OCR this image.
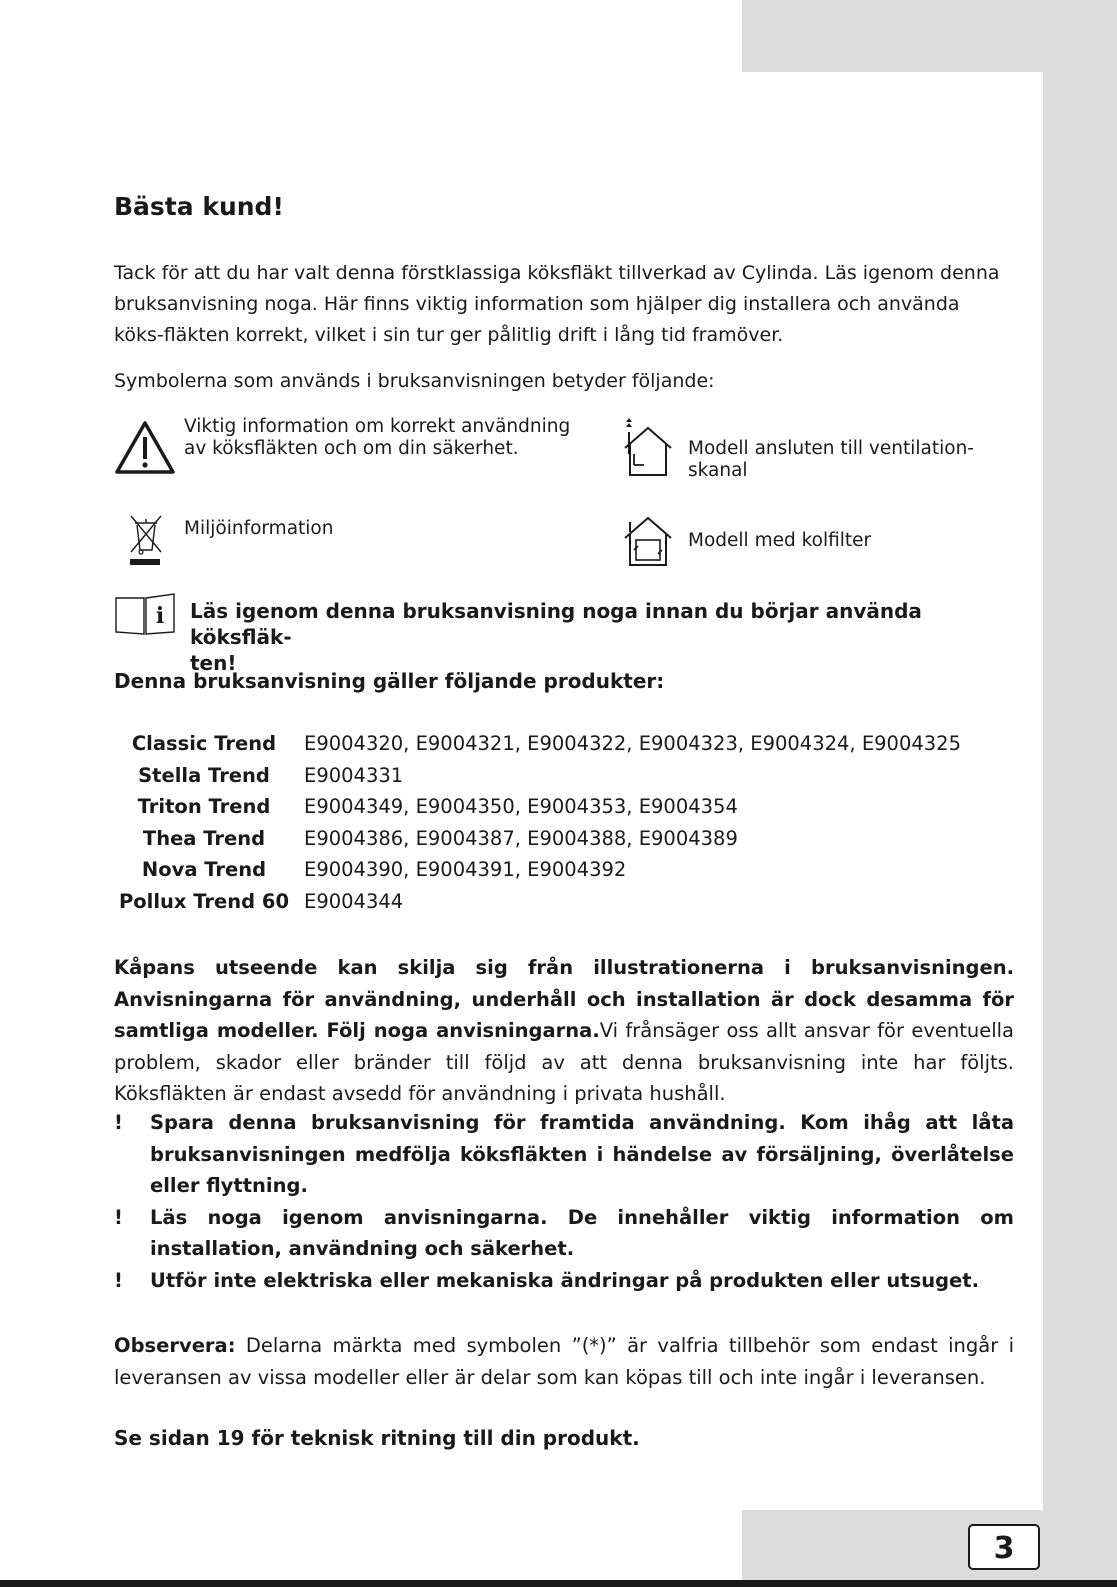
3
Bästa kund!
Tack för att du har valt denna förstklassiga köksfläkt tillverkad av Cylinda. Läs igenom denna bruksanvisning noga. Här finns viktig information som hjälper dig installera och använda köks-fläkten korrekt, vilket i sin tur ger pålitlig drift i lång tid framöver.
Symbolerna som används i bruksanvisningen betyder följande:
Viktig information om korrekt användning
av köksfläkten och om din säkerhet.	Modell ansluten till ventilation-
skanal
Miljöinformation
Modell med kolfilter
i Läs igenom denna bruksanvisning noga innan du börjar använda köksfläk-
ten!
Denna bruksanvisning gäller följande produkter:
Classic Trend	E9004320, E9004321, E9004322, E9004323, E9004324, E9004325
Stella Trend	E9004331
Triton Trend	E9004349, E9004350, E9004353, E9004354
Thea Trend	E9004386, E9004387, E9004388, E9004389
Nova Trend	E9004390, E9004391, E9004392
Pollux Trend 60	E9004344
Kåpans utseende kan skilja sig från illustrationerna i bruksanvisningen. Anvisningarna för användning, underhåll och installation är dock desamma för samtliga modeller. Följ noga anvisningarna.Vi frånsäger oss allt ansvar för eventuella problem, skador eller bränder till följd av att denna bruksanvisning inte har följts. Köksfläkten är endast avsedd för användning i privata hushåll.
!	Spara denna bruksanvisning för framtida användning. Kom ihåg att låta bruksanvisningen medfölja köksfläkten i händelse av försäljning, överlåtelse eller flyttning.
!	Läs noga igenom anvisningarna. De innehåller viktig information om installation, användning och säkerhet.
!	Utför inte elektriska eller mekaniska ändringar på produkten eller utsuget.
Observera: Delarna märkta med symbolen ”(*)” är valfria tillbehör som endast ingår i leveransen av vissa modeller eller är delar som kan köpas till och inte ingår i leveransen.
Se sidan 19 för teknisk ritning till din produkt.
